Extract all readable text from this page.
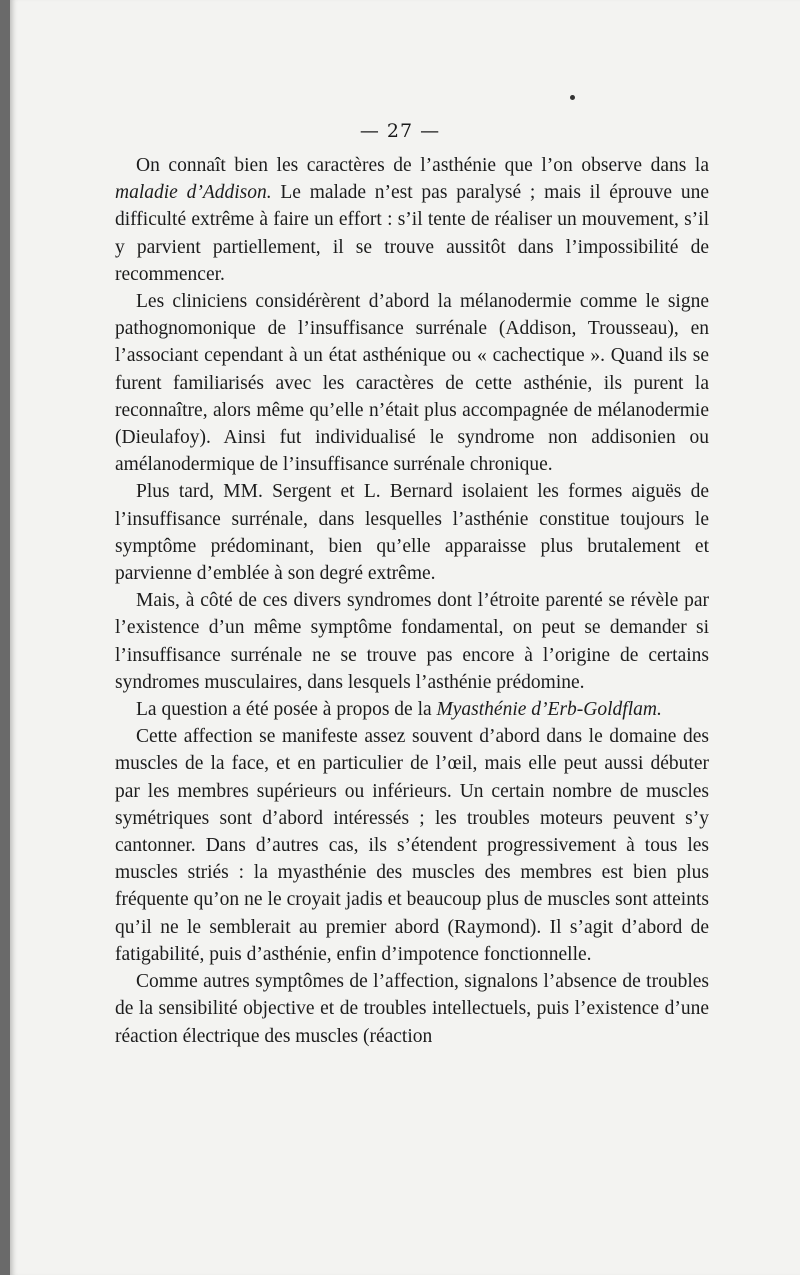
— 27 —

On connaît bien les caractères de l’asthénie que l’on observe dans la maladie d’Addison. Le malade n’est pas paralysé ; mais il éprouve une difficulté extrême à faire un effort : s’il tente de réaliser un mouvement, s’il y parvient partiellement, il se trouve aussitôt dans l’impossibilité de recommencer.

Les cliniciens considérèrent d’abord la mélanodermie comme le signe pathognomonique de l’insuffisance surrénale (Addison, Trousseau), en l’associant cependant à un état asthénique ou « cachectique ». Quand ils se furent familiarisés avec les caractères de cette asthénie, ils purent la reconnaître, alors même qu’elle n’était plus accompagnée de mélanodermie (Dieulafoy). Ainsi fut individualisé le syndrome non addisonien ou amélanodermique de l’insuffisance surrénale chronique.

Plus tard, MM. Sergent et L. Bernard isolaient les formes aiguës de l’insuffisance surrénale, dans lesquelles l’asthénie constitue toujours le symptôme prédominant, bien qu’elle apparaisse plus brutalement et parvienne d’emblée à son degré extrême.

Mais, à côté de ces divers syndromes dont l’étroite parenté se révèle par l’existence d’un même symptôme fondamental, on peut se demander si l’insuffisance surrénale ne se trouve pas encore à l’origine de certains syndromes musculaires, dans lesquels l’asthénie prédomine.

La question a été posée à propos de la Myasthénie d’Erb-Goldflam.

Cette affection se manifeste assez souvent d’abord dans le domaine des muscles de la face, et en particulier de l’œil, mais elle peut aussi débuter par les membres supérieurs ou inférieurs. Un certain nombre de muscles symétriques sont d’abord intéressés ; les troubles moteurs peuvent s’y cantonner. Dans d’autres cas, ils s’étendent progressivement à tous les muscles striés : la myasthénie des muscles des membres est bien plus fréquente qu’on ne le croyait jadis et beaucoup plus de muscles sont atteints qu’il ne le semblerait au premier abord (Raymond). Il s’agit d’abord de fatigabilité, puis d’asthénie, enfin d’impotence fonctionnelle.

Comme autres symptômes de l’affection, signalons l’absence de troubles de la sensibilité objective et de troubles intellectuels, puis l’existence d’une réaction électrique des muscles (réaction
